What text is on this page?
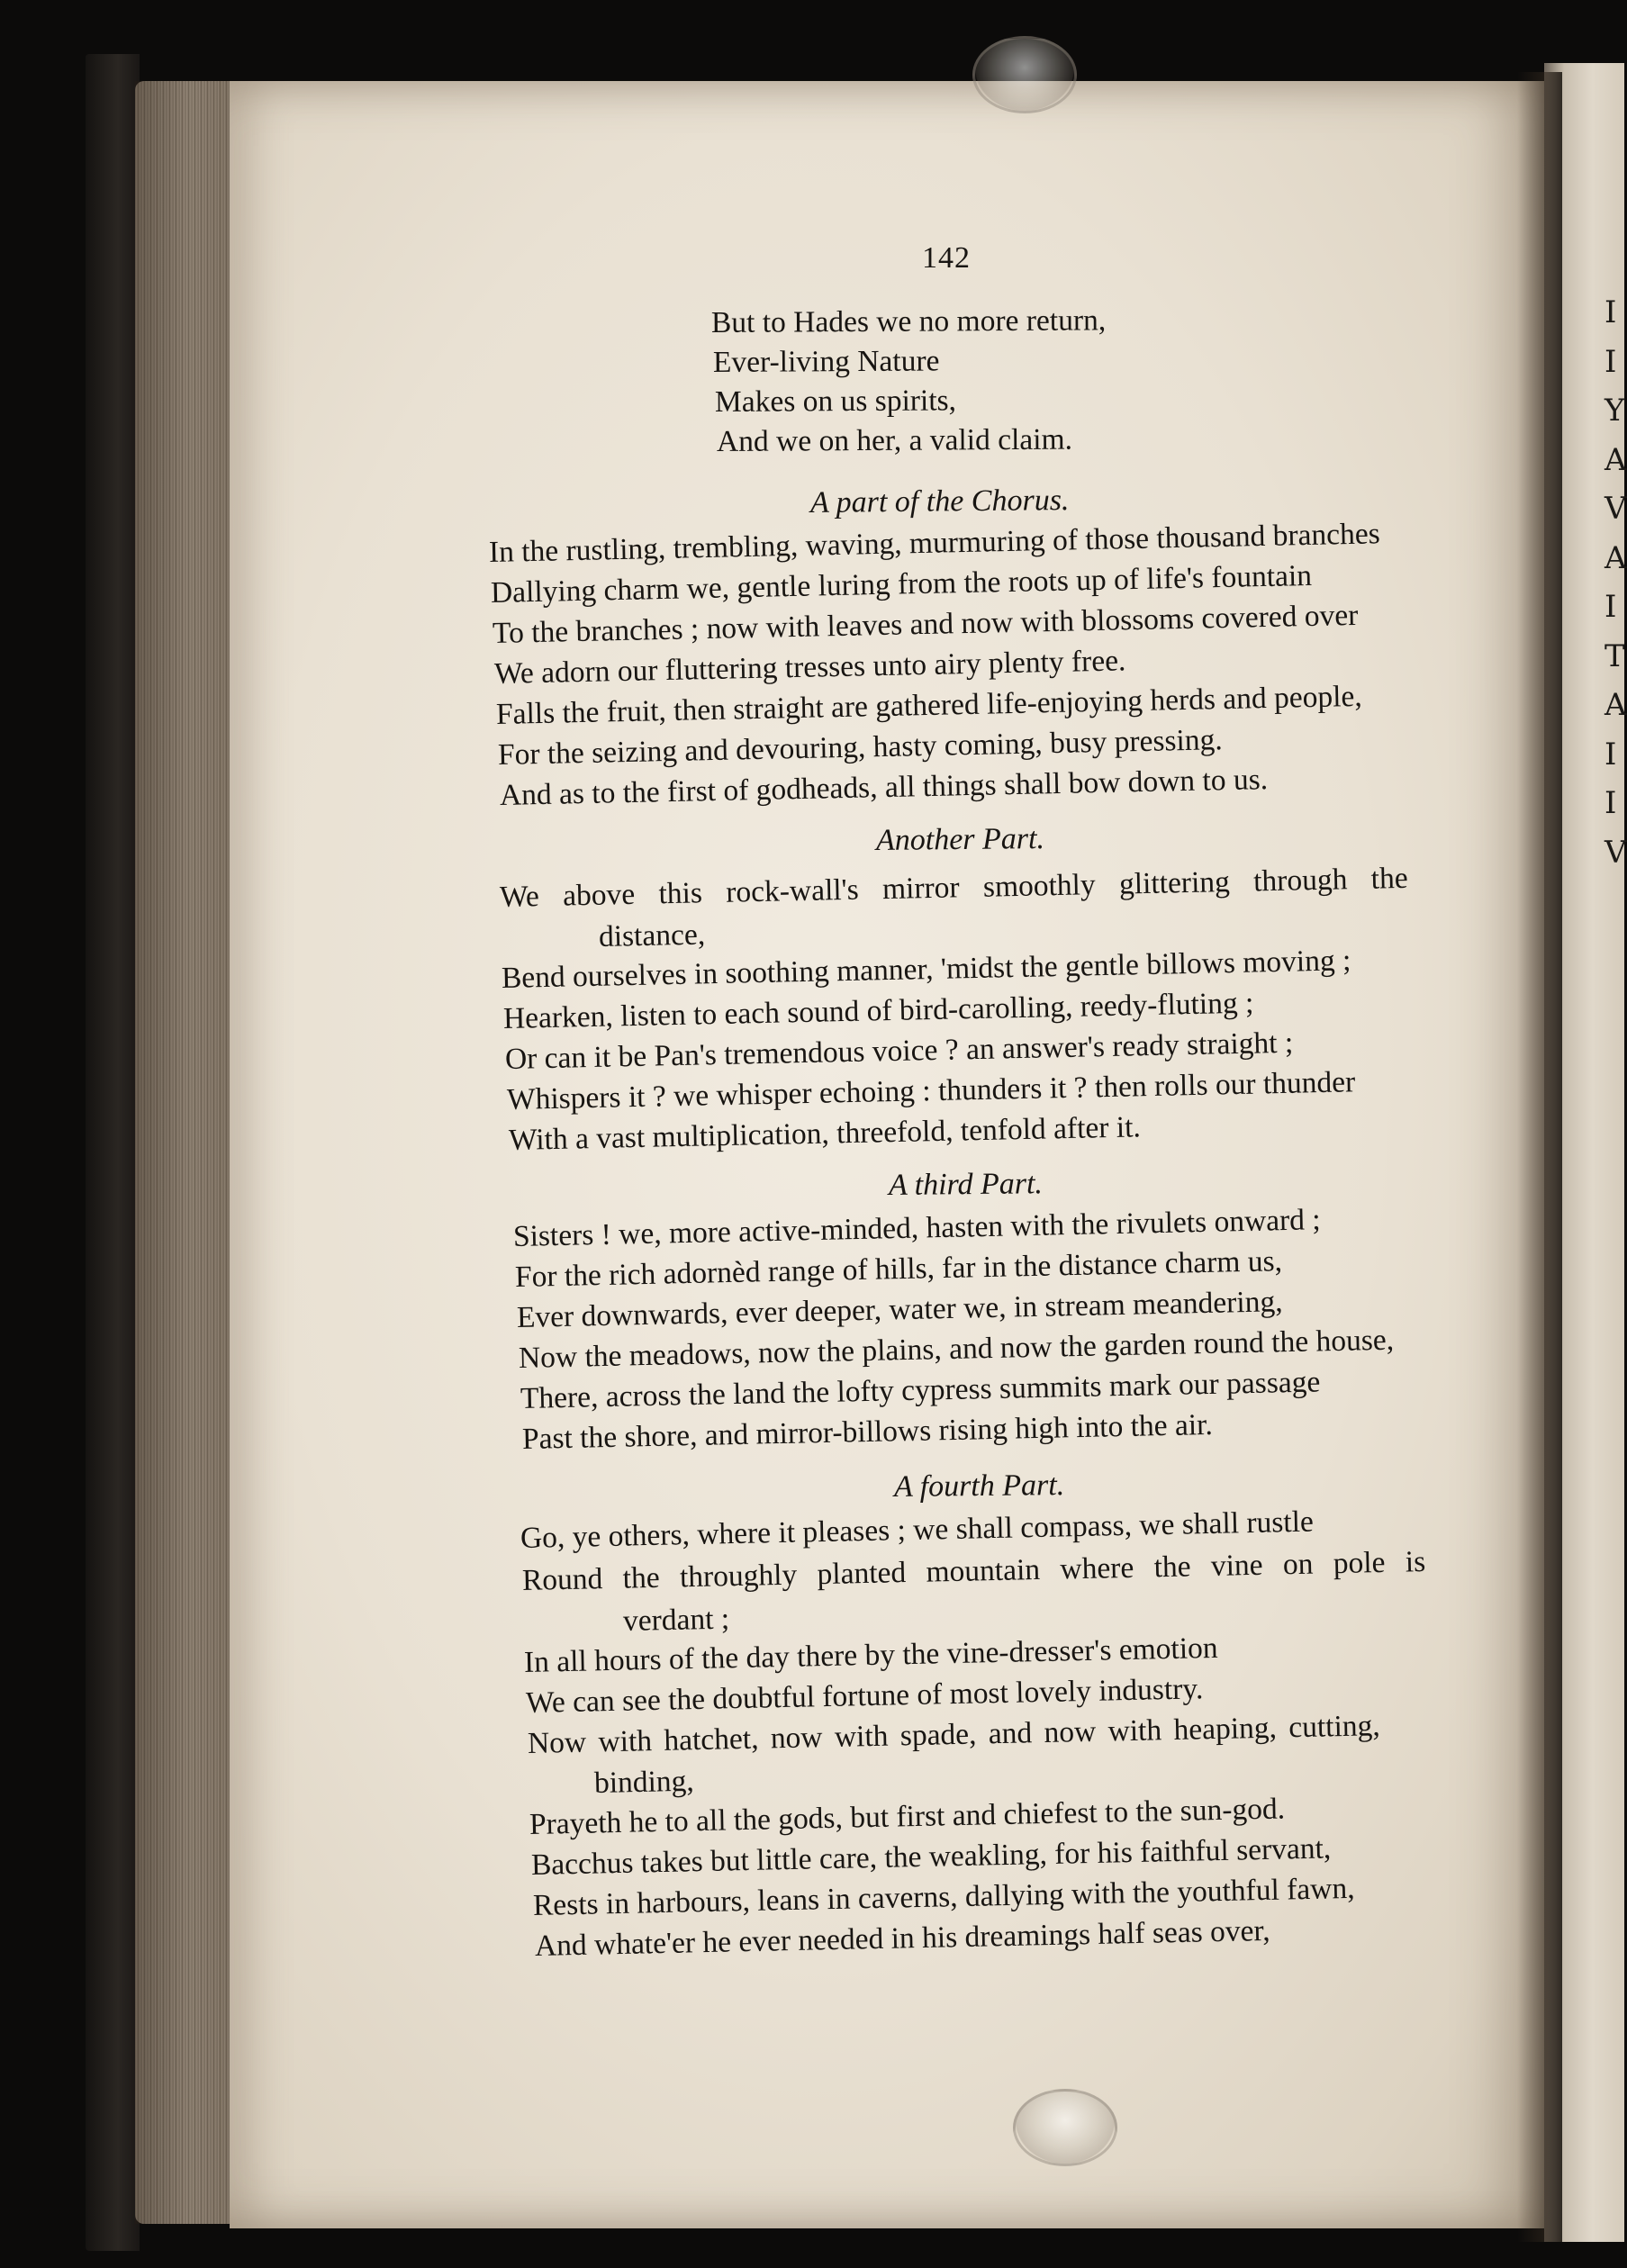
I
I
Y
A
V
A
I
T
A
I
I
V
142
But to Hades we no more return,
Ever-living Nature
Makes on us spirits,
And we on her, a valid claim.
A part of the Chorus.
In the rustling, trembling, waving, murmuring of those thousand branches
Dallying charm we, gentle luring from the roots up of life's fountain
To the branches ; now with leaves and now with blossoms covered over
We adorn our fluttering tresses unto airy plenty free.
Falls the fruit, then straight are gathered life-enjoying herds and people,
For the seizing and devouring, hasty coming, busy pressing.
And as to the first of godheads, all things shall bow down to us.
Another Part.
We above this rock-wall's mirror smoothly glittering through the
distance,
Bend ourselves in soothing manner, 'midst the gentle billows moving ;
Hearken, listen to each sound of bird-carolling, reedy-fluting ;
Or can it be Pan's tremendous voice ? an answer's ready straight ;
Whispers it ? we whisper echoing : thunders it ? then rolls our thunder
With a vast multiplication, threefold, tenfold after it.
A third Part.
Sisters ! we, more active-minded, hasten with the rivulets onward ;
For the rich adornèd range of hills, far in the distance charm us,
Ever downwards, ever deeper, water we, in stream meandering,
Now the meadows, now the plains, and now the garden round the house,
There, across the land the lofty cypress summits mark our passage
Past the shore, and mirror-billows rising high into the air.
A fourth Part.
Go, ye others, where it pleases ; we shall compass, we shall rustle
Round the throughly planted mountain where the vine on pole is
verdant ;
In all hours of the day there by the vine-dresser's emotion
We can see the doubtful fortune of most lovely industry.
Now with hatchet, now with spade, and now with heaping, cutting,
binding,
Prayeth he to all the gods, but first and chiefest to the sun-god.
Bacchus takes but little care, the weakling, for his faithful servant,
Rests in harbours, leans in caverns, dallying with the youthful fawn,
And whate'er he ever needed in his dreamings half seas over,
